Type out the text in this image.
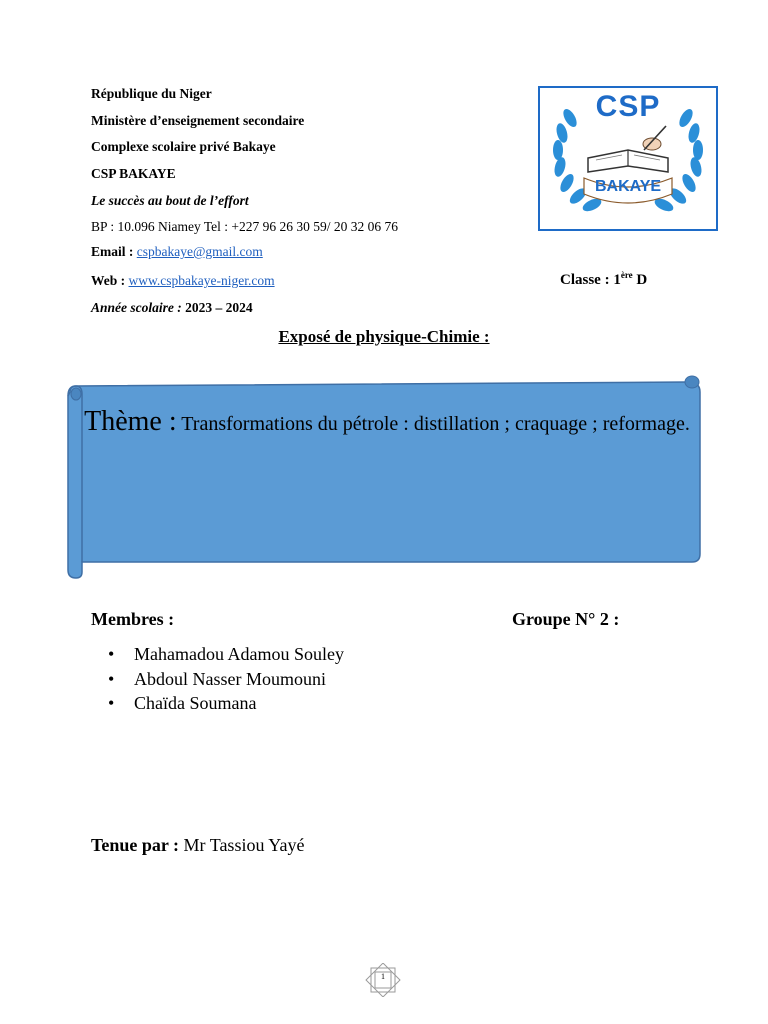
République du Niger
Ministère d’enseignement secondaire
Complexe scolaire privé Bakaye
CSP BAKAYE
Le succès au bout de l’effort
BP : 10.096 Niamey Tel : +227 96 26 30 59/ 20 32 06 76
Email : cspbakaye@gmail.com
Web : www.cspbakaye-niger.com
Année scolaire : 2023 – 2024
CSP
BAKAYE
Classe : 1ère D
Exposé de physique-Chimie :
Thème : Transformations du pétrole : distillation ; craquage ; reformage.
Membres :	Groupe N° 2 :
• Mahamadou Adamou Souley
• Abdoul Nasser Moumouni
• Chaïda Soumana
Tenue par : Mr Tassiou Yayé
1
